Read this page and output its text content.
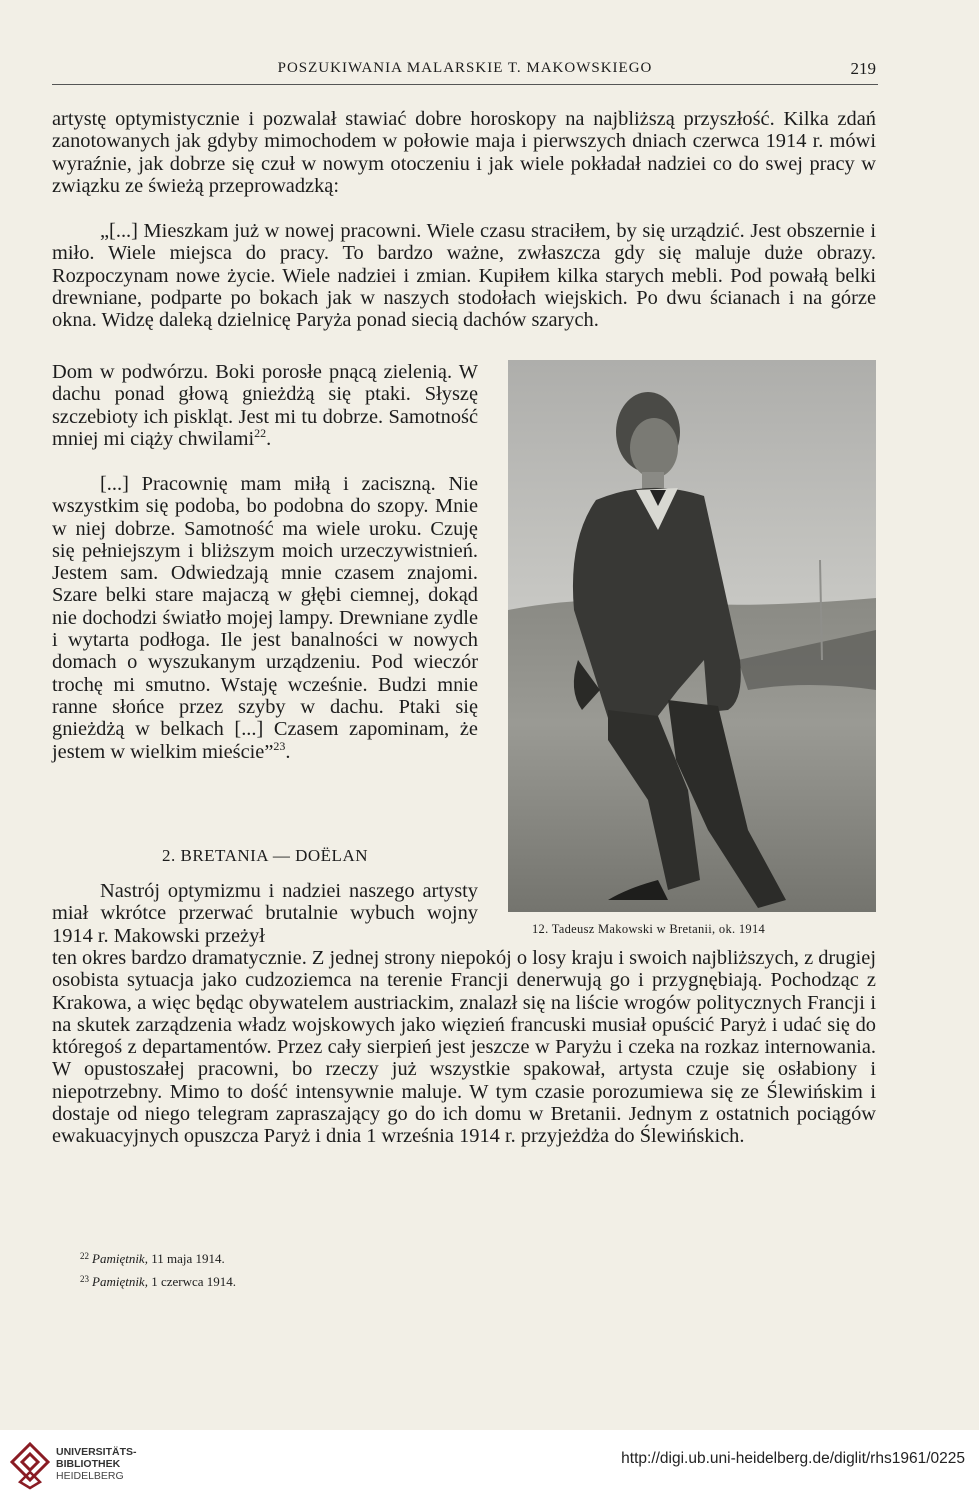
POSZUKIWANIA MALARSKIE T. MAKOWSKIEGO	219

artystę optymistycznie i pozwalał stawiać dobre horoskopy na najbliższą przyszłość. Kilka zdań zanotowanych jak gdyby mimochodem w połowie maja i pierwszych dniach czerwca 1914 r. mówi wyraźnie, jak dobrze się czuł w nowym otoczeniu i jak wiele pokładał nadziei co do swej pracy w związku ze świeżą przeprowadzką:

„[...] Mieszkam już w nowej pracowni. Wiele czasu straciłem, by się urządzić. Jest obszernie i miło. Wiele miejsca do pracy. To bardzo ważne, zwłaszcza gdy się maluje duże obrazy. Rozpoczynam nowe życie. Wiele nadziei i zmian. Kupiłem kilka starych mebli. Pod powałą belki drewniane, podparte po bokach jak w naszych stodołach wiejskich. Po dwu ścianach i na górze okna. Widzę daleką dzielnicę Paryża ponad siecią dachów szarych.

Dom w podwórzu. Boki porosłe pnącą zielenią. W dachu ponad głową gnieżdżą się ptaki. Słyszę szczebioty ich piskląt. Jest mi tu dobrze. Samotność mniej mi ciąży chwilami$^{22}$.

[...] Pracownię mam miłą i zaciszną. Nie wszystkim się podoba, bo podobna do szopy. Mnie w niej dobrze. Samotność ma wiele uroku. Czuję się pełniejszym i bliższym moich urzeczywistnień. Jestem sam. Odwiedzają mnie czasem znajomi. Szare belki stare majaczą w głębi ciemnej, dokąd nie dochodzi światło mojej lampy. Drewniane zydle i wytarta podłoga. Ile jest banalności w nowych domach o wyszukanym urządzeniu. Pod wieczór trochę mi smutno. Wstaję wcześnie. Budzi mnie ranne słońce przez szyby w dachu. Ptaki się gnieżdżą w belkach [...] Czasem zapominam, że jestem w wielkim mieście”$^{23}$.

2. BRETANIA — DOËLAN

Nastrój optymizmu i nadziei naszego artysty miał wkrótce przerwać brutalnie wybuch wojny 1914 r. Makowski przeżył

ten okres bardzo dramatycznie. Z jednej strony niepokój o losy kraju i swoich najbliższych, z drugiej osobista sytuacja jako cudzoziemca na terenie Francji denerwują go i przygnębiają. Pochodząc z Krakowa, a więc będąc obywatelem austriackim, znalazł się na liście wrogów politycznych Francji i na skutek zarządzenia władz wojskowych jako więzień francuski musiał opuścić Paryż i udać się do któregoś z departamentów. Przez cały sierpień jest jeszcze w Paryżu i czeka na rozkaz internowania. W opustoszałej pracowni, bo rzeczy już wszystkie spakował, artysta czuje się osłabiony i niepotrzebny. Mimo to dość intensywnie maluje. W tym czasie porozumiewa się ze Ślewińskim i dostaje od niego telegram zapraszający go do ich domu w Bretanii. Jednym z ostatnich pociągów ewakuacyjnych opuszcza Paryż i dnia 1 września 1914 r. przyjeżdża do Ślewińskich.

12. Tadeusz Makowski w Bretanii, ok. 1914
$^{22}$ Pamiętnik, 11 maja 1914.
$^{23}$ Pamiętnik, 1 czerwca 1914.
UNIVERSITÄTS-
BIBLIOTHEK
HEIDELBERG
http://digi.ub.uni-heidelberg.de/diglit/rhs1961/0225
